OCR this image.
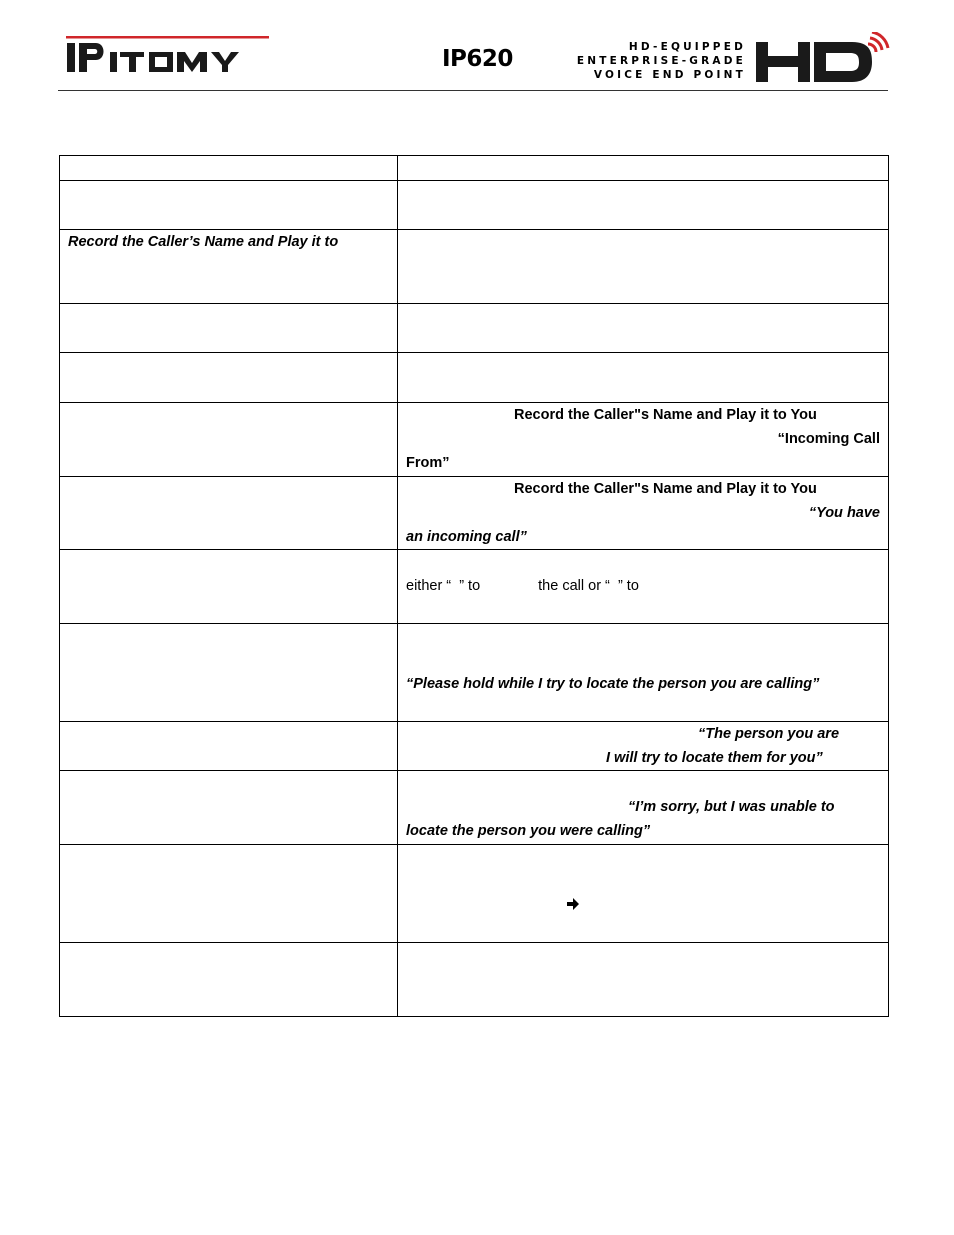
IP620	HD-EQUIPPED
ENTERPRISE-GRADE
VOICE END POINT

Record the Caller’s Name and Play it to	

	Record the Caller"s Name and Play it to You
“Incoming Call
From”

	Record the Caller"s Name and Play it to You
“You have
an incoming call”

	either “ ” to the call or “ ” to

	“Please hold while I try to locate the person you are calling”

	“The person you are
I will try to locate them for you”

	“I’m sorry, but I was unable to
locate the person you were calling”
